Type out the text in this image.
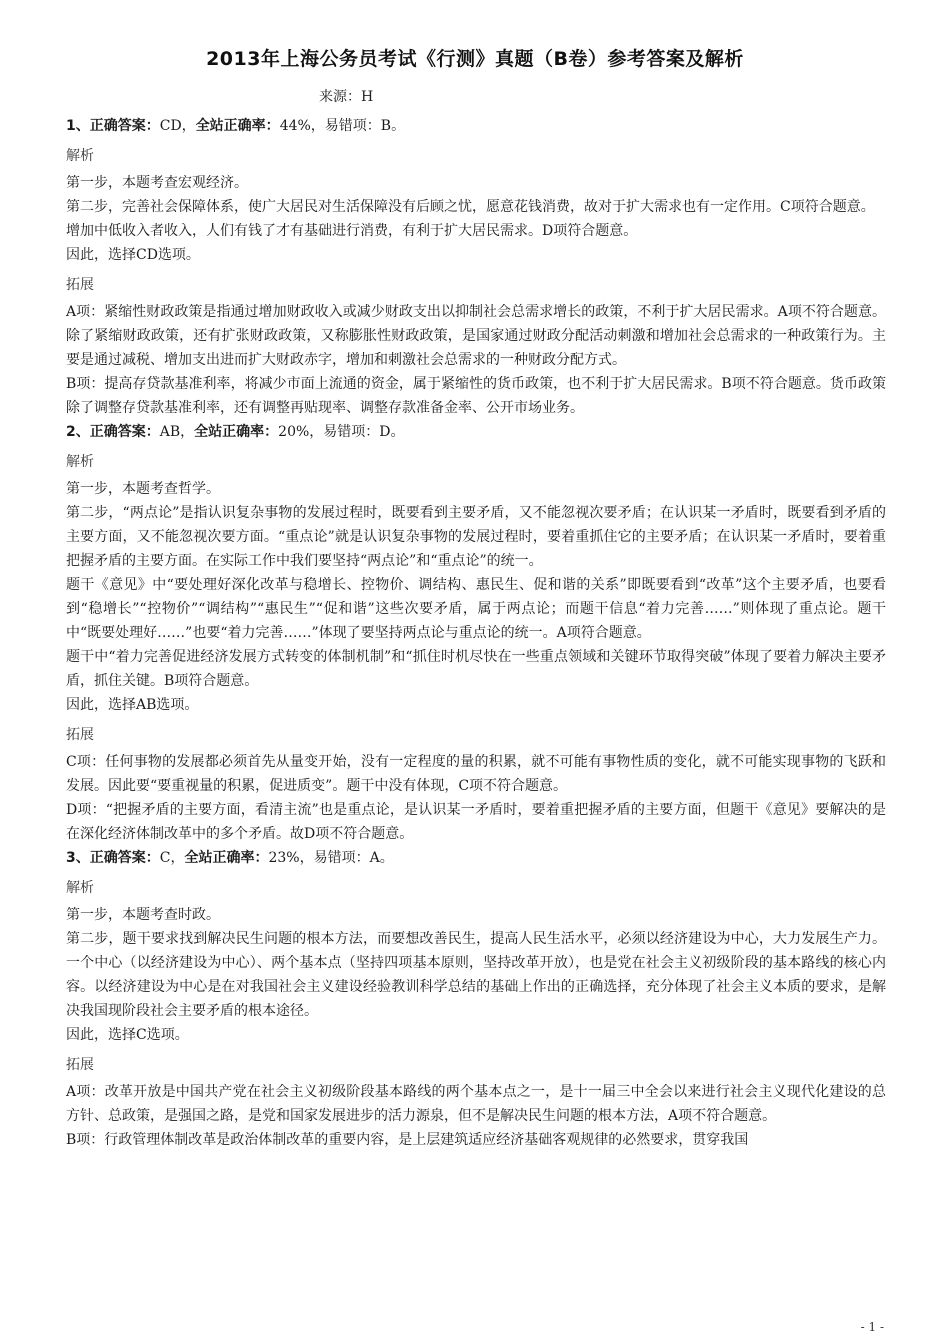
2013年上海公务员考试《行测》真题（B卷）参考答案及解析
来源：H

1、正确答案：CD，全站正确率：44%，易错项：B。

解析

第一步，本题考查宏观经济。

第二步，完善社会保障体系，使广大居民对生活保障没有后顾之忧，愿意花钱消费，故对于扩大需求也有一定作用。C项符合题意。

增加中低收入者收入，人们有钱了才有基础进行消费，有利于扩大居民需求。D项符合题意。

因此，选择CD选项。

拓展

A项：紧缩性财政政策是指通过增加财政收入或减少财政支出以抑制社会总需求增长的政策，不利于扩大居民需求。A项不符合题意。除了紧缩财政政策，还有扩张财政政策，又称膨胀性财政政策，是国家通过财政分配活动刺激和增加社会总需求的一种政策行为。主要是通过减税、增加支出进而扩大财政赤字，增加和刺激社会总需求的一种财政分配方式。

B项：提高存贷款基准利率，将减少市面上流通的资金，属于紧缩性的货币政策，也不利于扩大居民需求。B项不符合题意。货币政策除了调整存贷款基准利率，还有调整再贴现率、调整存款准备金率、公开市场业务。

2、正确答案：AB，全站正确率：20%，易错项：D。

解析

第一步，本题考查哲学。

第二步，“两点论”是指认识复杂事物的发展过程时，既要看到主要矛盾，又不能忽视次要矛盾；在认识某一矛盾时，既要看到矛盾的主要方面，又不能忽视次要方面。“重点论”就是认识复杂事物的发展过程时，要着重抓住它的主要矛盾；在认识某一矛盾时，要着重把握矛盾的主要方面。在实际工作中我们要坚持“两点论”和“重点论”的统一。

题干《意见》中“要处理好深化改革与稳增长、控物价、调结构、惠民生、促和谐的关系”即既要看到“改革”这个主要矛盾，也要看到“稳增长”“控物价”“调结构”“惠民生”“促和谐”这些次要矛盾，属于两点论；而题干信息“着力完善……”则体现了重点论。题干中“既要处理好……”也要“着力完善……”体现了要坚持两点论与重点论的统一。A项符合题意。

题干中“着力完善促进经济发展方式转变的体制机制”和“抓住时机尽快在一些重点领域和关键环节取得突破”体现了要着力解决主要矛盾，抓住关键。B项符合题意。

因此，选择AB选项。

拓展

C项：任何事物的发展都必须首先从量变开始，没有一定程度的量的积累，就不可能有事物性质的变化，就不可能实现事物的飞跃和发展。因此要“要重视量的积累，促进质变”。题干中没有体现，C项不符合题意。

D项：“把握矛盾的主要方面，看清主流”也是重点论，是认识某一矛盾时，要着重把握矛盾的主要方面，但题干《意见》要解决的是在深化经济体制改革中的多个矛盾。故D项不符合题意。

3、正确答案：C，全站正确率：23%，易错项：A。

解析

第一步，本题考查时政。

第二步，题干要求找到解决民生问题的根本方法，而要想改善民生，提高人民生活水平，必须以经济建设为中心，大力发展生产力。一个中心（以经济建设为中心）、两个基本点（坚持四项基本原则，坚持改革开放），也是党在社会主义初级阶段的基本路线的核心内容。以经济建设为中心是在对我国社会主义建设经验教训科学总结的基础上作出的正确选择，充分体现了社会主义本质的要求，是解决我国现阶段社会主要矛盾的根本途径。

因此，选择C选项。

拓展

A项：改革开放是中国共产党在社会主义初级阶段基本路线的两个基本点之一，是十一届三中全会以来进行社会主义现代化建设的总方针、总政策，是强国之路，是党和国家发展进步的活力源泉，但不是解决民生问题的根本方法，A项不符合题意。

B项：行政管理体制改革是政治体制改革的重要内容，是上层建筑适应经济基础客观规律的必然要求，贯穿我国

- 1 -
